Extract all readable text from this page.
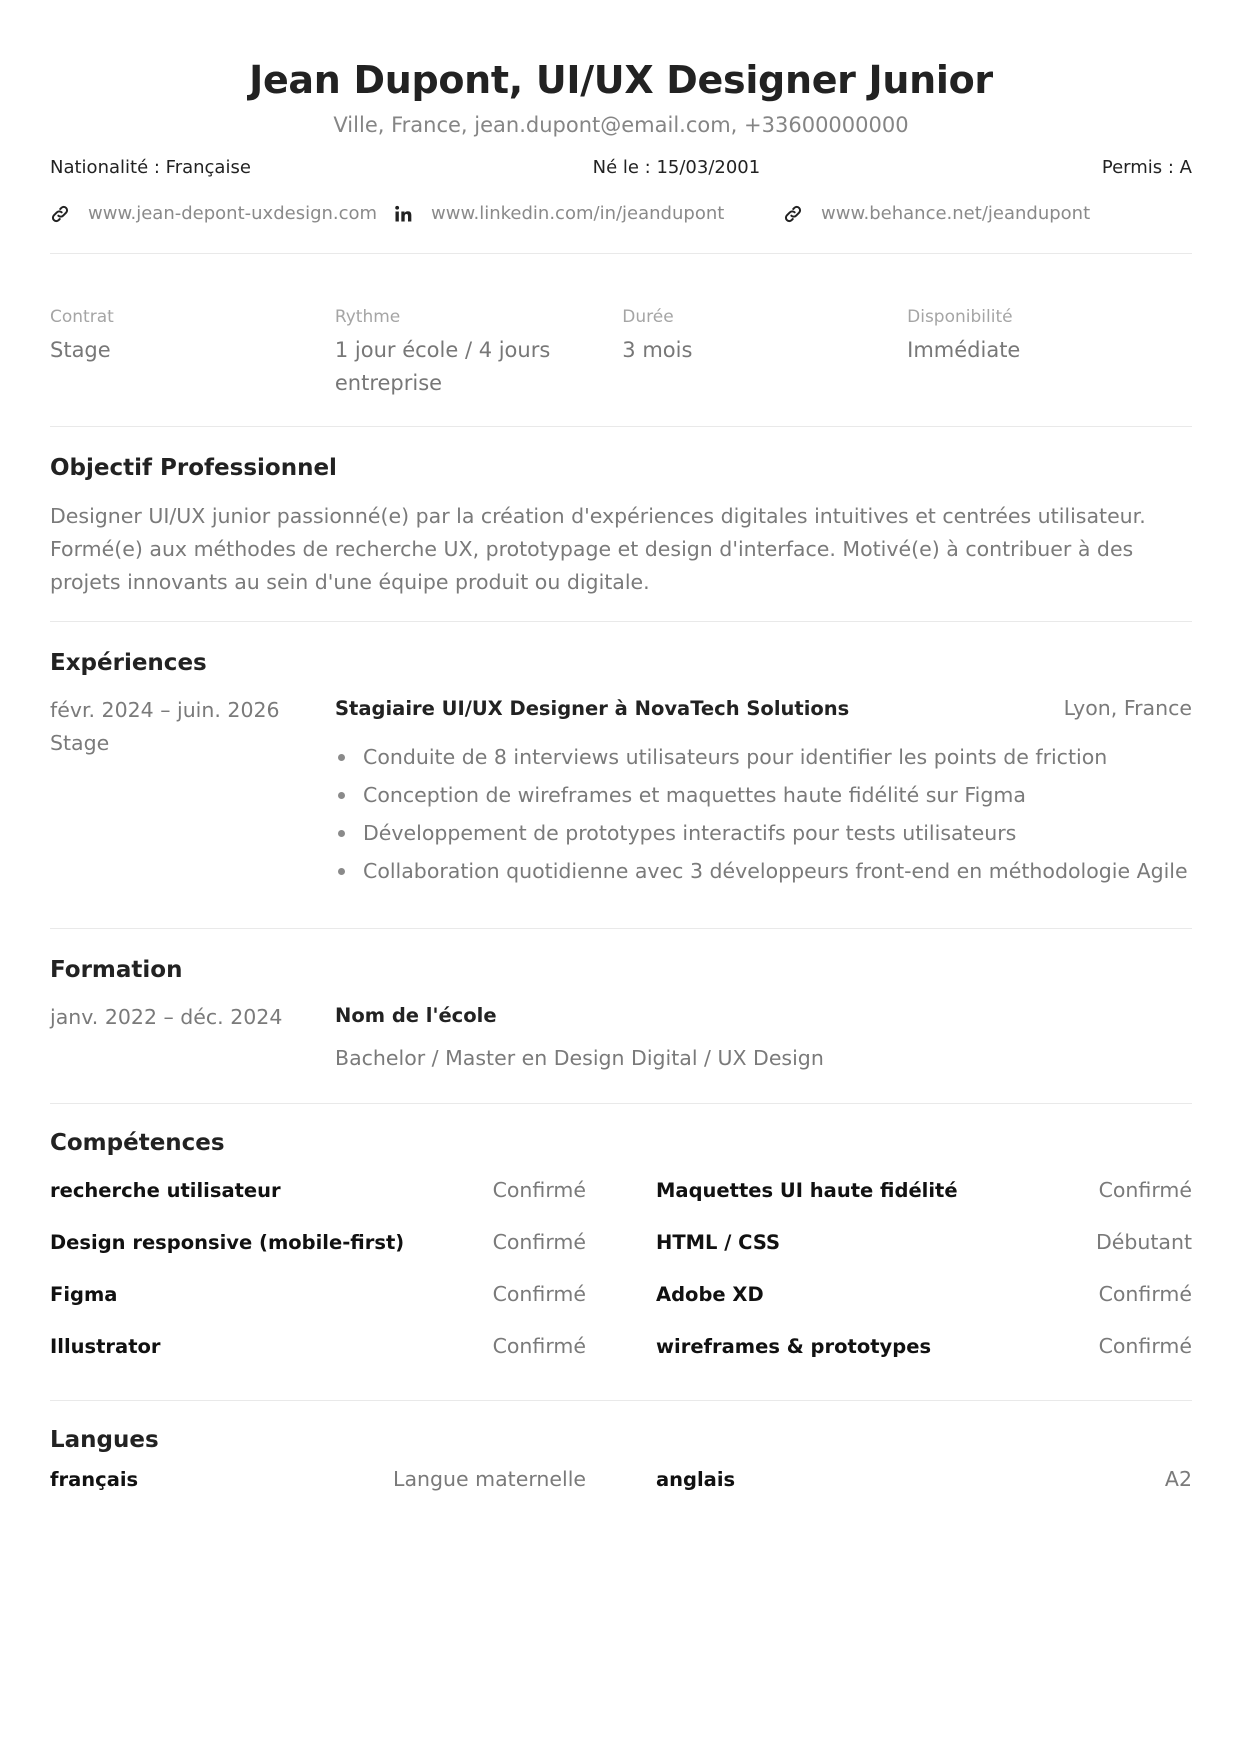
Jean Dupont, UI/UX Designer Junior
Ville, France, jean.dupont@email.com, +33600000000
Nationalité : Française	Né le : 15/03/2001	Permis : A
www.jean-depont-uxdesign.com	www.linkedin.com/in/jeandupont	www.behance.net/jeandupont
Contrat
Stage
Rythme
1 jour école / 4 jours entreprise
Durée
3 mois
Disponibilité
Immédiate
Objectif Professionnel

Designer UI/UX junior passionné(e) par la création d'expériences digitales intuitives et centrées utilisateur. Formé(e) aux méthodes de recherche UX, prototypage et design d'interface. Motivé(e) à contribuer à des projets innovants au sein d'une équipe produit ou digitale.

Expériences
févr. 2024 – juin. 2026
Stage
Stagiaire UI/UX Designer à NovaTech Solutions	Lyon, France
Conduite de 8 interviews utilisateurs pour identifier les points de friction
Conception de wireframes et maquettes haute fidélité sur Figma
Développement de prototypes interactifs pour tests utilisateurs
Collaboration quotidienne avec 3 développeurs front-end en méthodologie Agile
Formation
janv. 2022 – déc. 2024	Nom de l'école
Bachelor / Master en Design Digital / UX Design
Compétences
recherche utilisateur	Confirmé
Design responsive (mobile-first)	Confirmé
Figma	Confirmé
Illustrator	Confirmé
Maquettes UI haute fidélité	Confirmé
HTML / CSS	Débutant
Adobe XD	Confirmé
wireframes & prototypes	Confirmé
Langues
français	Langue maternelle	anglais	A2
